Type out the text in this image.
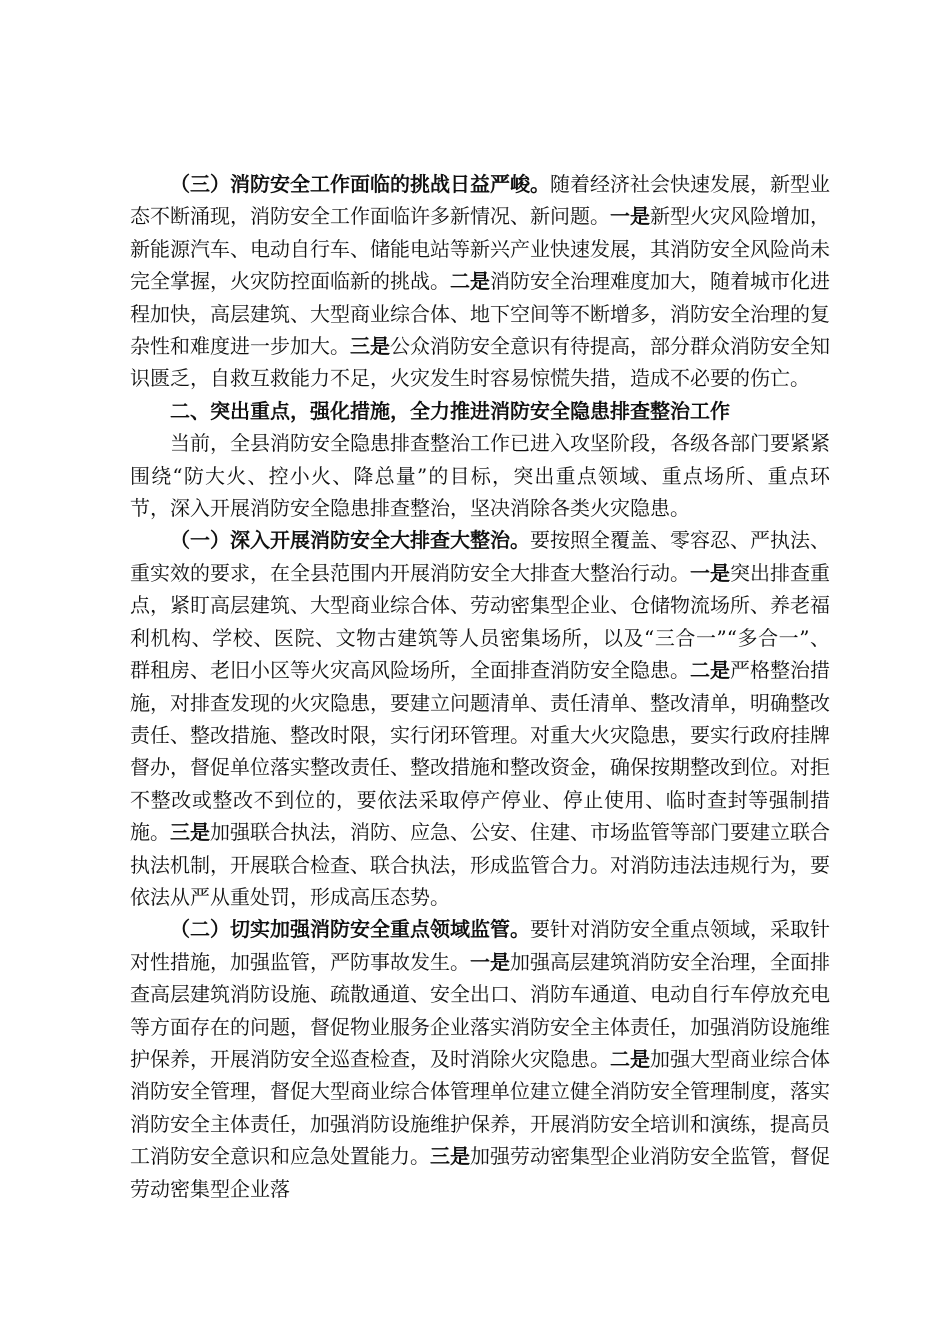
（三）消防安全工作面临的挑战日益严峻。随着经济社会快速发展，新型业态不断涌现，消防安全工作面临许多新情况、新问题。一是新型火灾风险增加，新能源汽车、电动自行车、储能电站等新兴产业快速发展，其消防安全风险尚未完全掌握，火灾防控面临新的挑战。二是消防安全治理难度加大，随着城市化进程加快，高层建筑、大型商业综合体、地下空间等不断增多，消防安全治理的复杂性和难度进一步加大。三是公众消防安全意识有待提高，部分群众消防安全知识匮乏，自救互救能力不足，火灾发生时容易惊慌失措，造成不必要的伤亡。

二、突出重点，强化措施，全力推进消防安全隐患排查整治工作

当前，全县消防安全隐患排查整治工作已进入攻坚阶段，各级各部门要紧紧围绕“防大火、控小火、降总量”的目标，突出重点领域、重点场所、重点环节，深入开展消防安全隐患排查整治，坚决消除各类火灾隐患。

（一）深入开展消防安全大排查大整治。要按照全覆盖、零容忍、严执法、重实效的要求，在全县范围内开展消防安全大排查大整治行动。一是突出排查重点，紧盯高层建筑、大型商业综合体、劳动密集型企业、仓储物流场所、养老福利机构、学校、医院、文物古建筑等人员密集场所，以及“三合一”“多合一”、群租房、老旧小区等火灾高风险场所，全面排查消防安全隐患。二是严格整治措施，对排查发现的火灾隐患，要建立问题清单、责任清单、整改清单，明确整改责任、整改措施、整改时限，实行闭环管理。对重大火灾隐患，要实行政府挂牌督办，督促单位落实整改责任、整改措施和整改资金，确保按期整改到位。对拒不整改或整改不到位的，要依法采取停产停业、停止使用、临时查封等强制措施。三是加强联合执法，消防、应急、公安、住建、市场监管等部门要建立联合执法机制，开展联合检查、联合执法，形成监管合力。对消防违法违规行为，要依法从严从重处罚，形成高压态势。

（二）切实加强消防安全重点领域监管。要针对消防安全重点领域，采取针对性措施，加强监管，严防事故发生。一是加强高层建筑消防安全治理，全面排查高层建筑消防设施、疏散通道、安全出口、消防车通道、电动自行车停放充电等方面存在的问题，督促物业服务企业落实消防安全主体责任，加强消防设施维护保养，开展消防安全巡查检查，及时消除火灾隐患。二是加强大型商业综合体消防安全管理，督促大型商业综合体管理单位建立健全消防安全管理制度，落实消防安全主体责任，加强消防设施维护保养，开展消防安全培训和演练，提高员工消防安全意识和应急处置能力。三是加强劳动密集型企业消防安全监管，督促劳动密集型企业落
